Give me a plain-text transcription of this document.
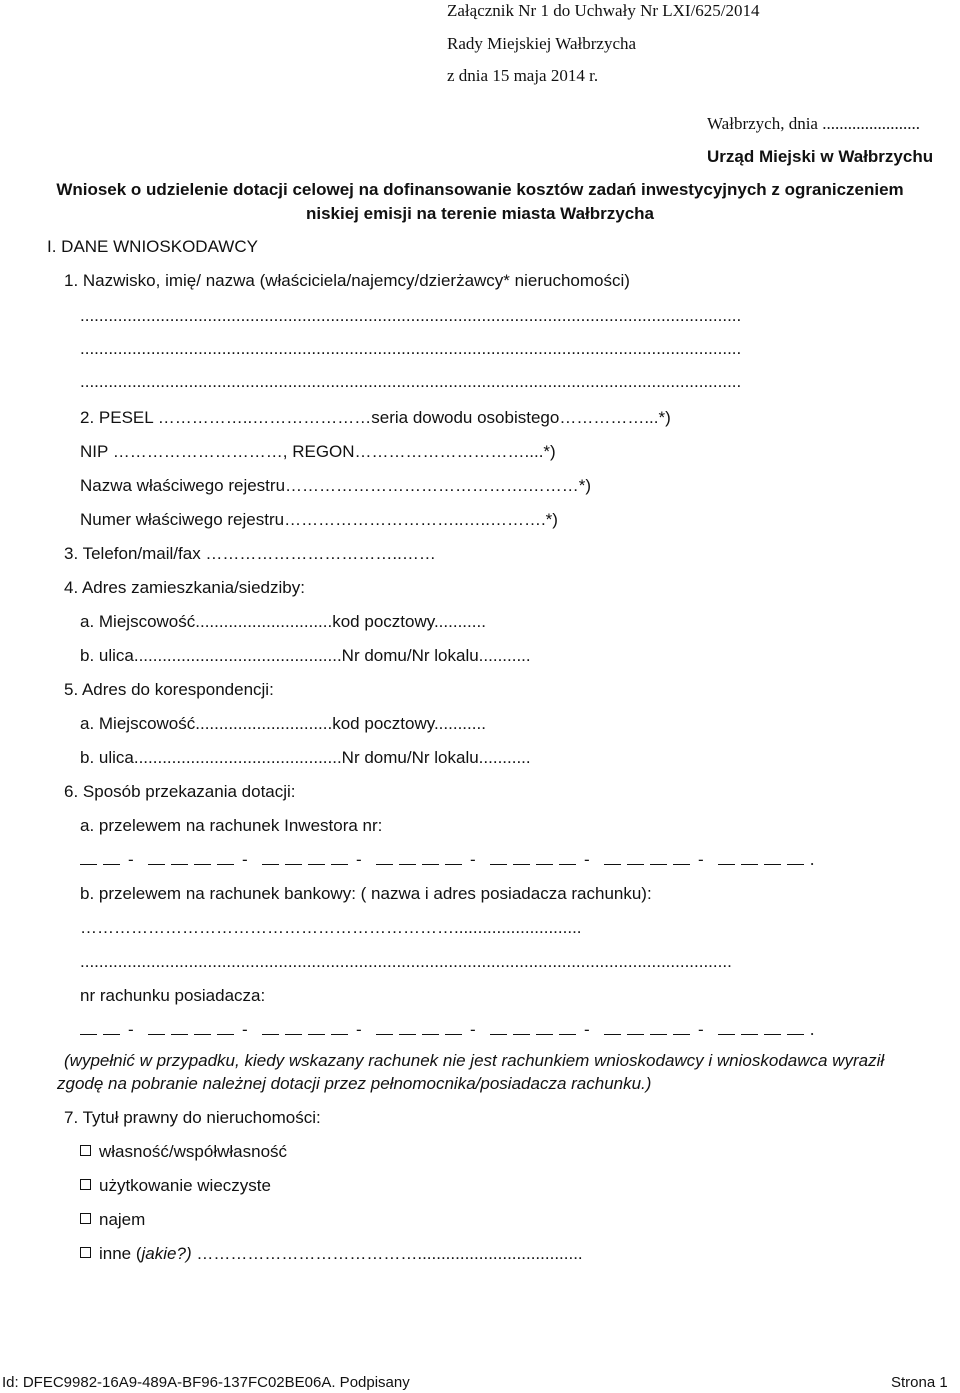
Załącznik Nr 1 do Uchwały Nr LXI/625/2014
Rady Miejskiej Wałbrzycha
z dnia 15 maja 2014 r.
Wałbrzych, dnia .......................
Urząd Miejski w Wałbrzychu
Wniosek o udzielenie dotacji celowej na dofinansowanie kosztów zadań inwestycyjnych z ograniczeniem
niskiej emisji na terenie miasta Wałbrzycha
I. DANE WNIOSKODAWCY
1. Nazwisko, imię/ nazwa (właściciela/najemcy/dzierżawcy* nieruchomości)
............................................................................................................................................
............................................................................................................................................
............................................................................................................................................
2. PESEL ……………..…………………seria dowodu osobistego……………...*)
NIP …………………………, REGON…………………………....*)
Nazwa właściwego rejestru…………………………………….………*)
Numer właściwego rejestru…………………………..…..……….*)
3. Telefon/mail/fax ……………………………..……
4. Adres zamieszkania/siedziby:
a. Miejscowość.............................kod pocztowy...........
b. ulica............................................Nr domu/Nr lokalu...........
5. Adres do korespondencji:
a. Miejscowość.............................kod pocztowy...........
b. ulica............................................Nr domu/Nr lokalu...........
6. Sposób przekazania dotacji:
a. przelewem na rachunek Inwestora nr:
-	-	-	-	-	-	.
b. przelewem na rachunek bankowy: ( nazwa i adres posiadacza rachunku):
…………………………………………………………...........................
..........................................................................................................................................
nr rachunku posiadacza:
-	-	-	-	-	-	.
(wypełnić w przypadku, kiedy wskazany rachunek nie jest rachunkiem wnioskodawcy i wnioskodawca wyraził
zgodę na pobranie należnej dotacji przez pełnomocnika/posiadacza rachunku.)
7. Tytuł prawny do nieruchomości:
własność/współwłasność
użytkowanie wieczyste
najem
inne (jakie?) …………………………………...................................
Id: DFEC9982-16A9-489A-BF96-137FC02BE06A. Podpisany	Strona 1
